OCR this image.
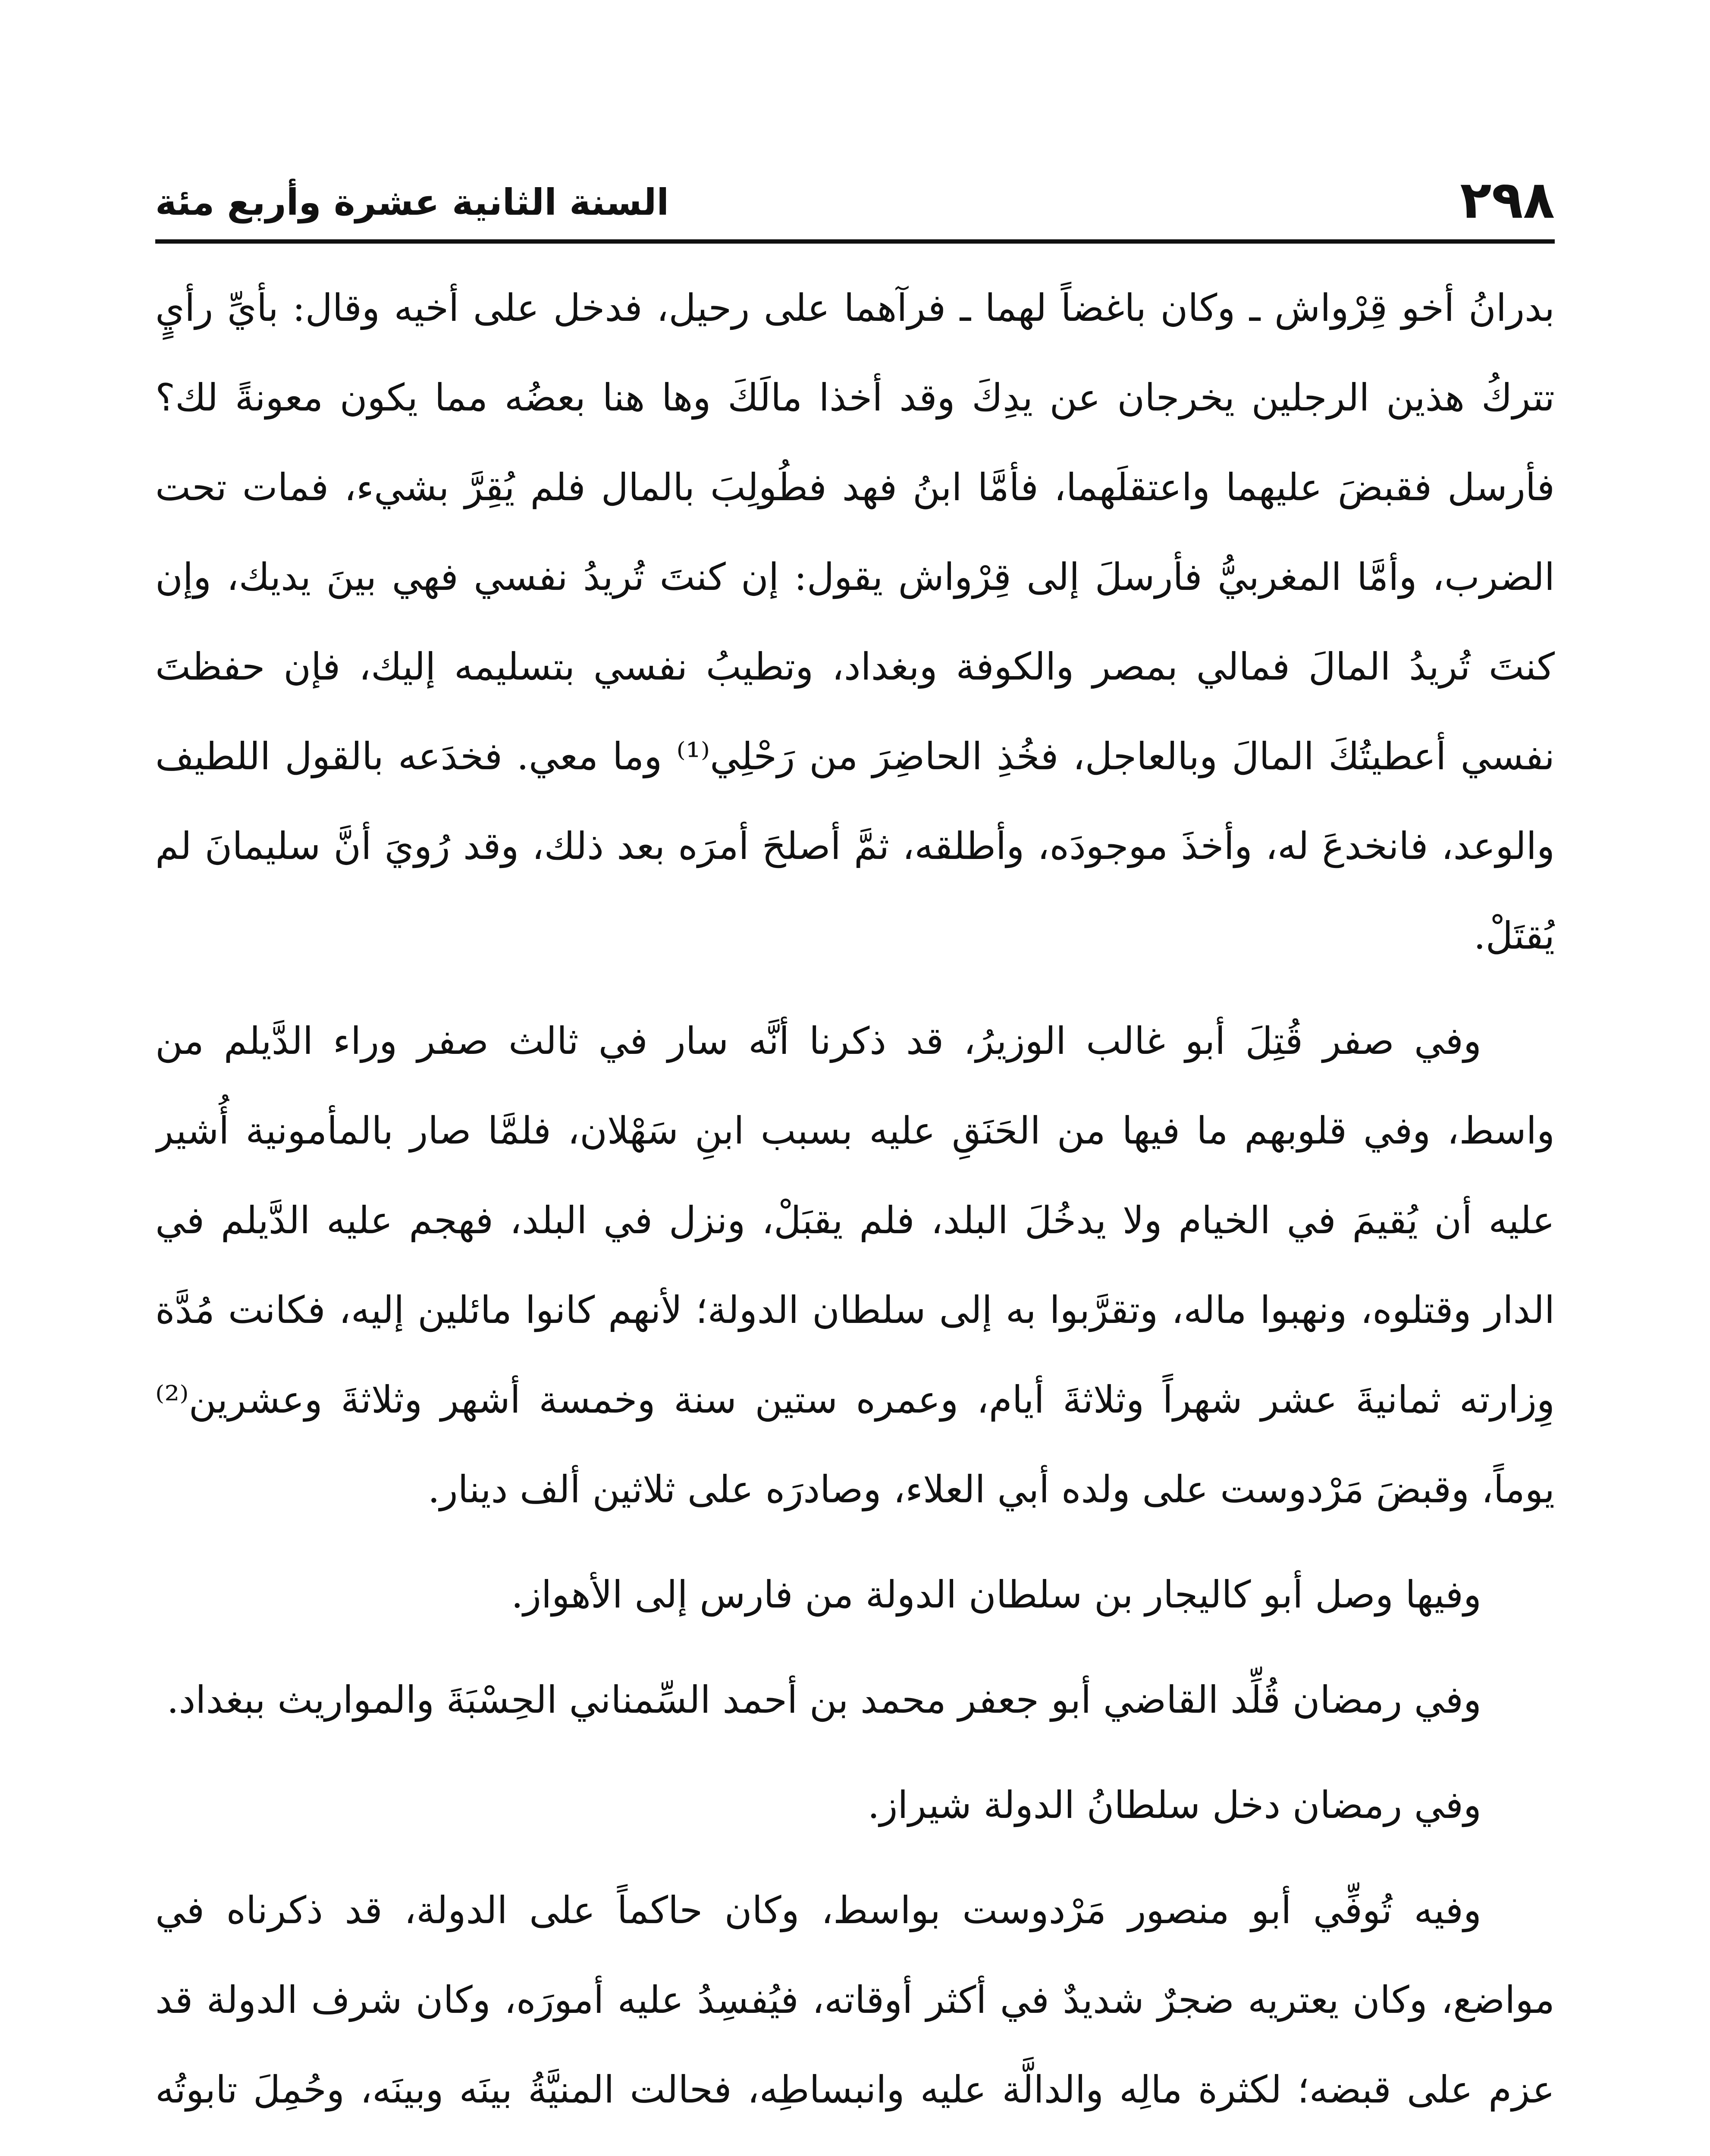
٢٩٨
السنة الثانية عشرة وأربع مئة

بدرانُ أخو قِرْواش ـ وكان باغضاً لهما ـ فرآهما على رحيل، فدخل على أخيه وقال: بأيِّ رأيٍ تتركُ هذين الرجلين يخرجان عن يدِكَ وقد أخذا مالَكَ وها هنا بعضُه مما يكون معونةً لك؟ فأرسل فقبضَ عليهما واعتقلَهما، فأمَّا ابنُ فهد فطُولِبَ بالمال فلم يُقِرَّ بشيء، فمات تحت الضرب، وأمَّا المغربيُّ فأرسلَ إلى قِرْواش يقول: إن كنتَ تُريدُ نفسي فهي بينَ يديك، وإن كنتَ تُريدُ المالَ فمالي بمصر والكوفة وبغداد، وتطيبُ نفسي بتسليمه إليك، فإن حفظتَ نفسي أعطيتُكَ المالَ وبالعاجل، فخُذِ الحاضِرَ من رَحْلِي⁽¹⁾ وما معي. فخدَعه بالقول اللطيف والوعد، فانخدعَ له، وأخذَ موجودَه، وأطلقه، ثمَّ أصلحَ أمرَه بعد ذلك، وقد رُويَ أنَّ سليمانَ لم يُقتَلْ.

وفي صفر قُتِلَ أبو غالب الوزيرُ، قد ذكرنا أنَّه سار في ثالث صفر وراء الدَّيلم من واسط، وفي قلوبهم ما فيها من الحَنَقِ عليه بسبب ابنِ سَهْلان، فلمَّا صار بالمأمونية أُشير عليه أن يُقيمَ في الخيام ولا يدخُلَ البلد، فلم يقبَلْ، ونزل في البلد، فهجم عليه الدَّيلم في الدار وقتلوه، ونهبوا ماله، وتقرَّبوا به إلى سلطان الدولة؛ لأنهم كانوا مائلين إليه، فكانت مُدَّة وِزارته ثمانيةَ عشر شهراً وثلاثةَ أيام، وعمره ستين سنة وخمسة أشهر وثلاثةَ وعشرين⁽²⁾ يوماً، وقبضَ مَرْدوست على ولده أبي العلاء، وصادرَه على ثلاثين ألف دينار.

وفيها وصل أبو كاليجار بن سلطان الدولة من فارس إلى الأهواز.

وفي رمضان قُلِّد القاضي أبو جعفر محمد بن أحمد السِّمناني الحِسْبَةَ والمواريث ببغداد.

وفي رمضان دخل سلطانُ الدولة شيراز.

وفيه تُوفِّي أبو منصور مَرْدوست بواسط، وكان حاكماً على الدولة، قد ذكرناه في مواضع، وكان يعتريه ضجرٌ شديدٌ في أكثر أوقاته، فيُفسِدُ عليه أمورَه، وكان شرف الدولة قد عزم على قبضه؛ لكثرة مالِه والدالَّة عليه وانبساطِه، فحالت المنيَّةُ بينَه وبينَه، وحُمِلَ تابوتُه
